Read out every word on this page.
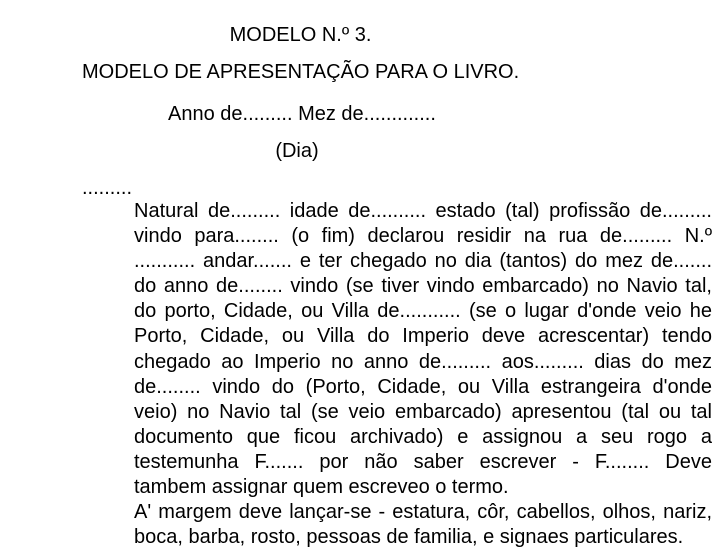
MODELO N.º 3.
MODELO DE APRESENTAÇÃO PARA O LIVRO.
Anno de......... Mez de.............
(Dia)
.........
Natural de......... idade de.......... estado (tal) profissão de.........
vindo para........ (o fim) declarou residir na rua de......... N.º
........... andar....... e ter chegado no dia (tantos) do mez de.......
do anno de........ vindo (se tiver vindo embarcado) no Navio tal,
do porto, Cidade, ou Villa de........... (se o lugar d'onde veio he
Porto, Cidade, ou Villa do Imperio deve acrescentar) tendo
chegado ao Imperio no anno de......... aos......... dias do mez
de........ vindo do (Porto, Cidade, ou Villa estrangeira d'onde
veio) no Navio tal (se veio embarcado) apresentou (tal ou tal
documento que ficou archivado) e assignou a seu rogo a
testemunha F....... por não saber escrever - F........ Deve
tambem assignar quem escreveo o termo.
A' margem deve lançar-se - estatura, côr, cabellos, olhos, nariz,
boca, barba, rosto, pessoas de familia, e signaes particulares.
